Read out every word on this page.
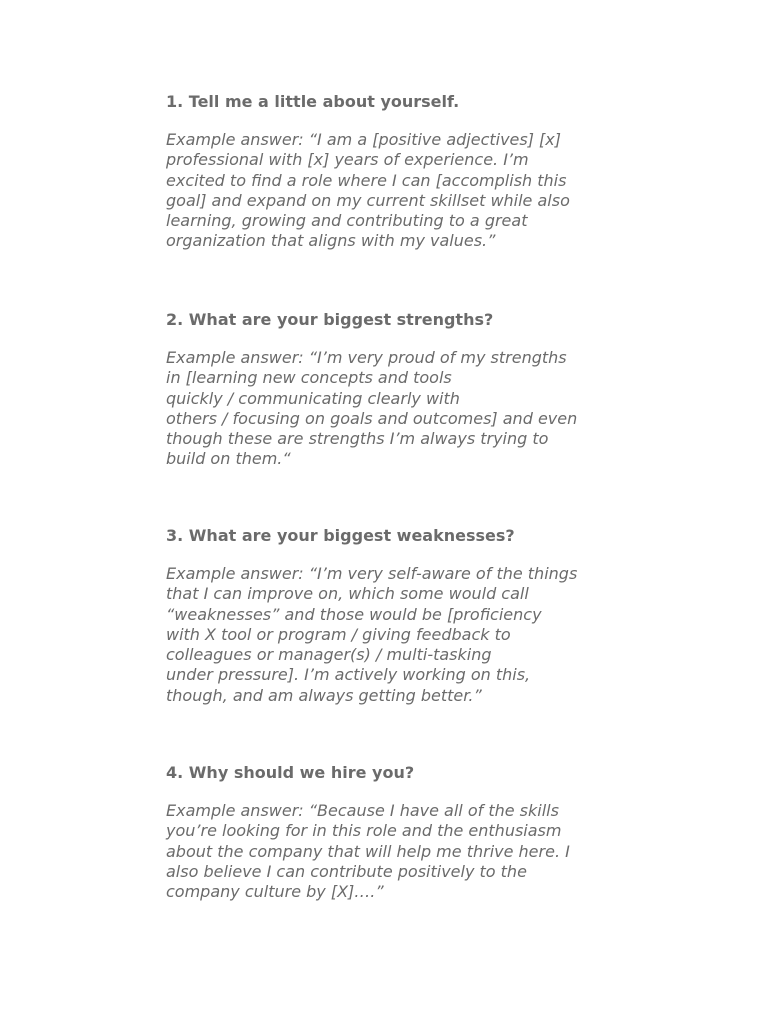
1. Tell me a little about yourself.

Example answer: “I am a [positive adjectives] [x]
professional with [x] years of experience. I’m
excited to find a role where I can [accomplish this
goal] and expand on my current skillset while also
learning, growing and contributing to a great
organization that aligns with my values.”

2. What are your biggest strengths?

Example answer: “I’m very proud of my strengths
in [learning new concepts and tools
quickly / communicating clearly with
others / focusing on goals and outcomes] and even
though these are strengths I’m always trying to
build on them.“

3. What are your biggest weaknesses?

Example answer: “I’m very self-aware of the things
that I can improve on, which some would call
“weaknesses” and those would be [proficiency
with X tool or program / giving feedback to
colleagues or manager(s) / multi-tasking
under pressure]. I’m actively working on this,
though, and am always getting better.”

4. Why should we hire you?

Example answer: “Because I have all of the skills
you’re looking for in this role and the enthusiasm
about the company that will help me thrive here. I
also believe I can contribute positively to the
company culture by [X]….”
